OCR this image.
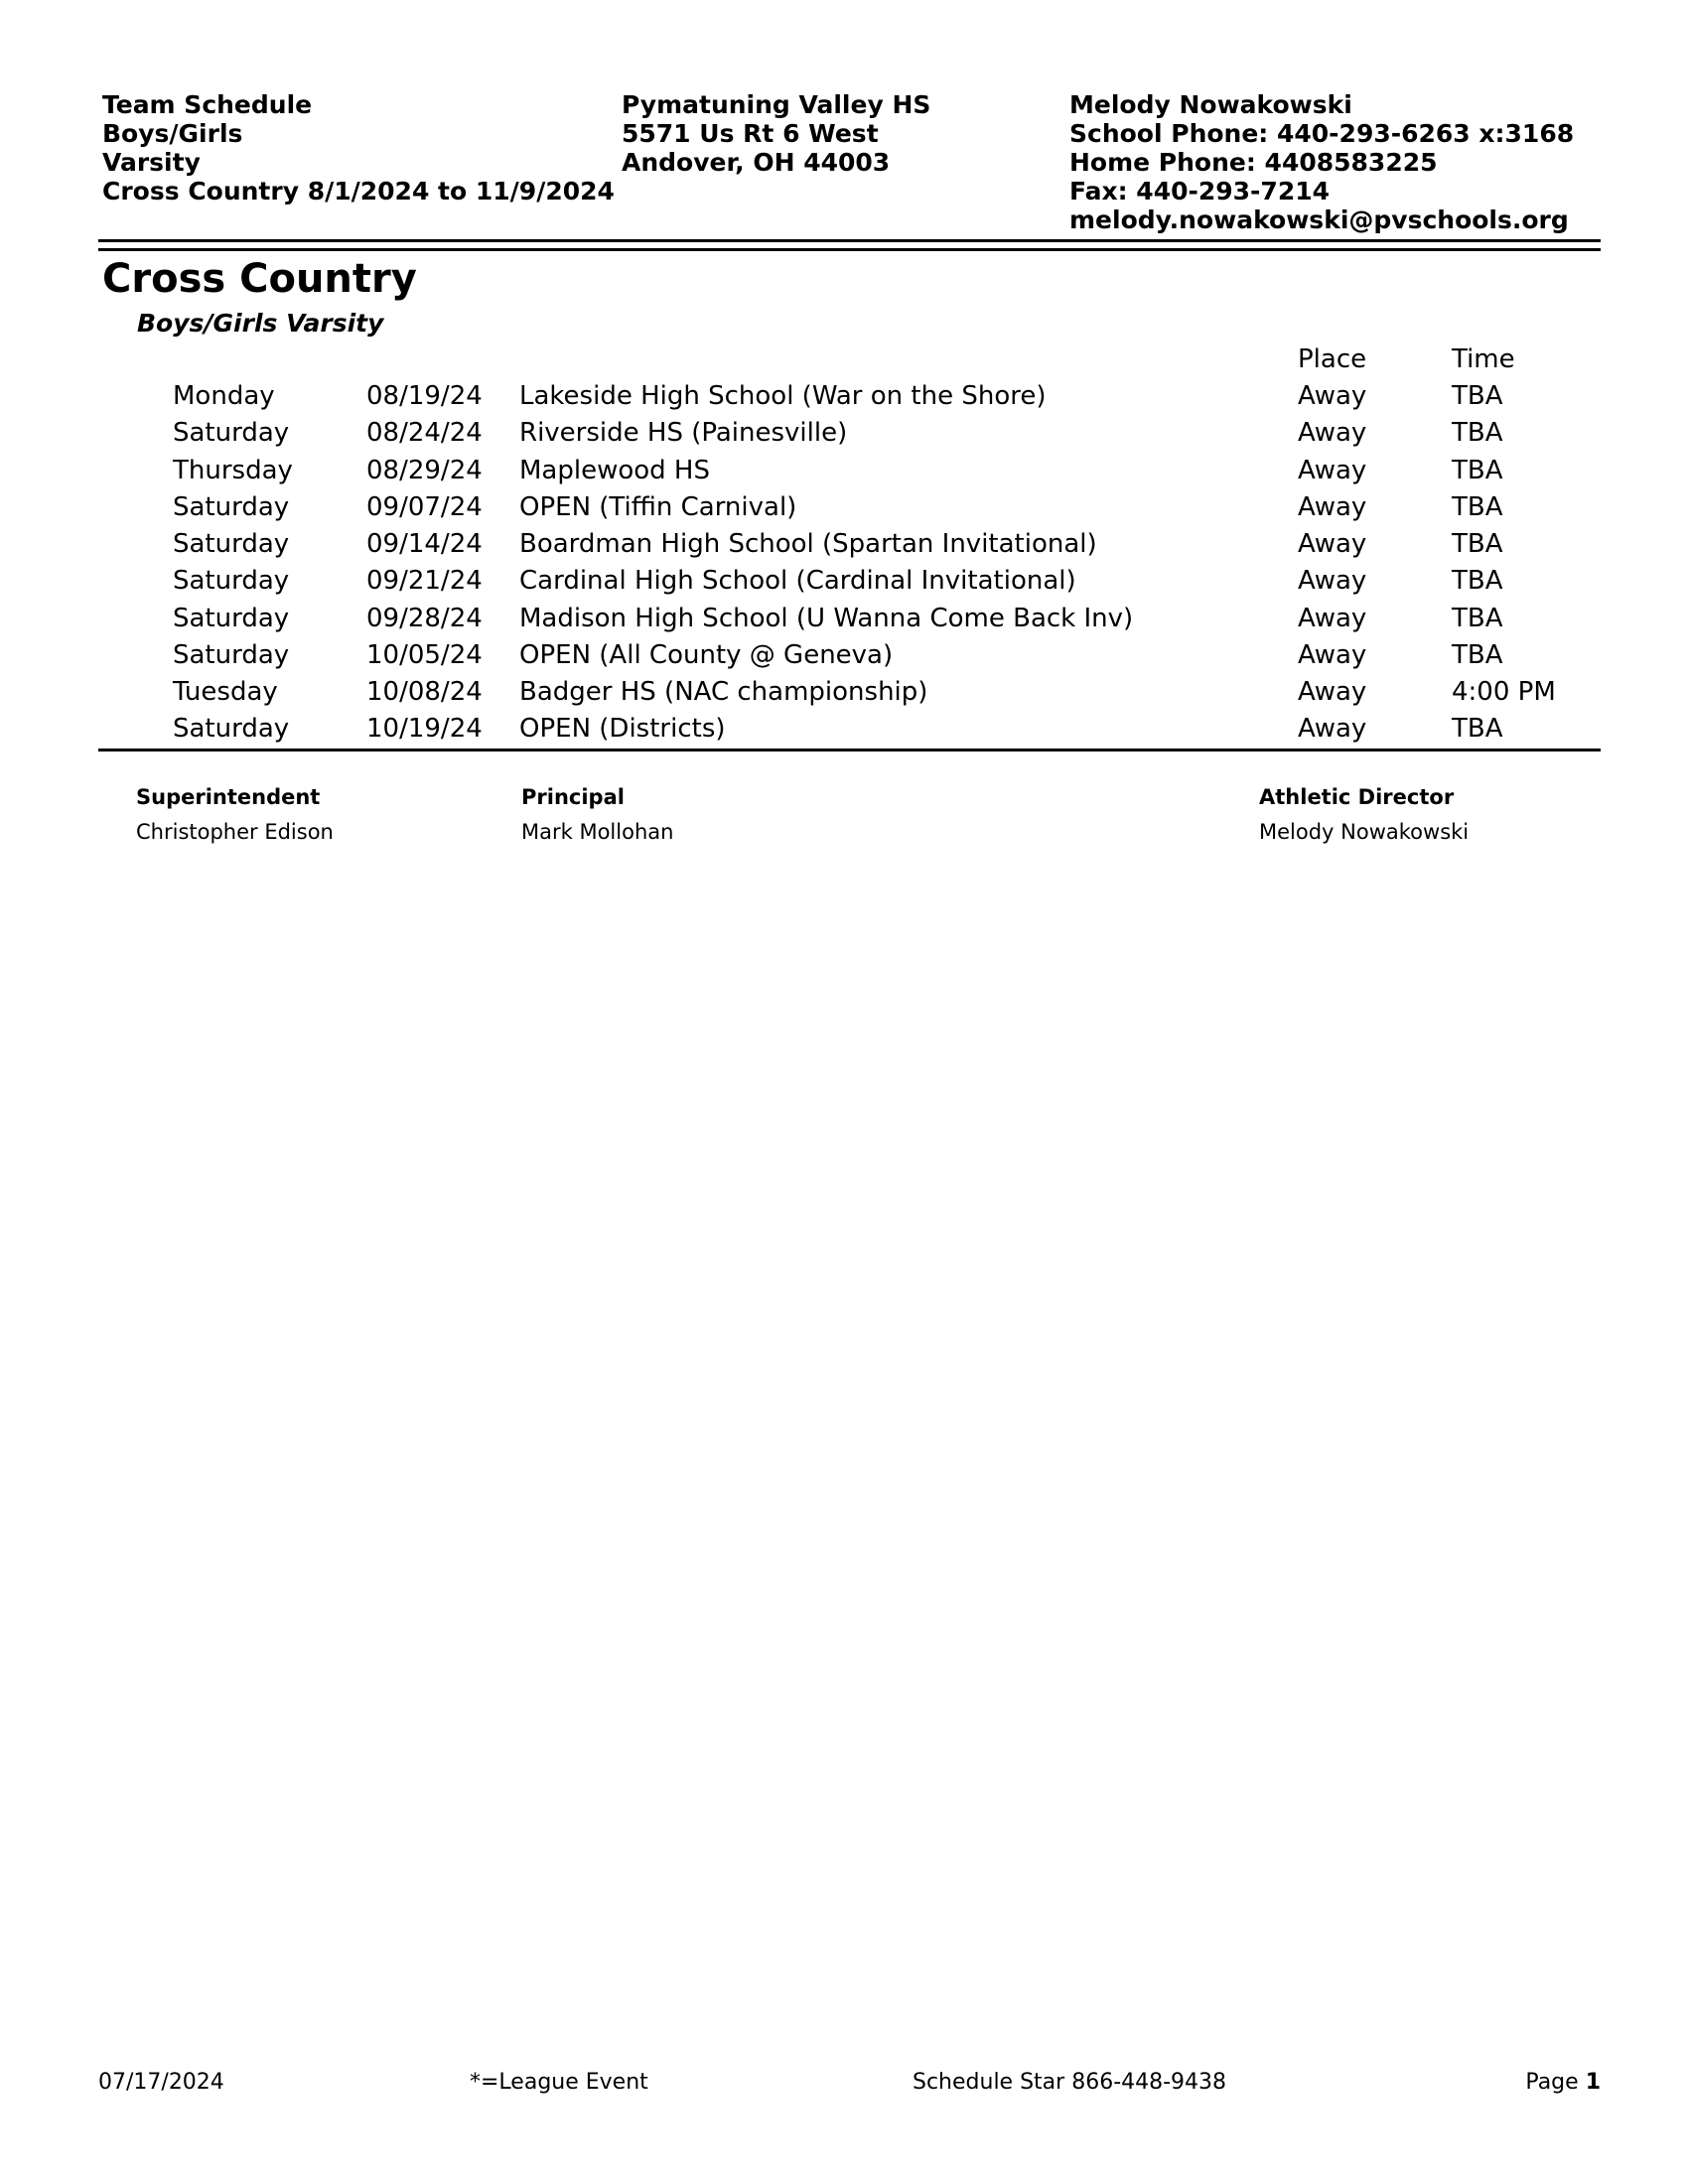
Team Schedule
Boys/Girls
Varsity
Cross Country 8/1/2024 to 11/9/2024
Pymatuning Valley HS
5571 Us Rt 6 West
Andover, OH 44003
Melody Nowakowski
School Phone: 440-293-6263 x:3168
Home Phone: 4408583225
Fax: 440-293-7214
melody.nowakowski@pvschools.org
Cross Country
Boys/Girls Varsity
Place	Time
Monday	08/19/24 Lakeside High School (War on the Shore)	Away	TBA
Saturday	08/24/24 Riverside HS (Painesville)	Away	TBA
Thursday	08/29/24 Maplewood HS	Away	TBA
Saturday	09/07/24 OPEN (Tiffin Carnival)	Away	TBA
Saturday	09/14/24 Boardman High School (Spartan Invitational)	Away	TBA
Saturday	09/21/24 Cardinal High School (Cardinal Invitational)	Away	TBA
Saturday	09/28/24 Madison High School (U Wanna Come Back Inv)	Away	TBA
Saturday	10/05/24 OPEN (All County @ Geneva)	Away	TBA
Tuesday	10/08/24 Badger HS (NAC championship)	Away	4:00 PM
Saturday	10/19/24 OPEN (Districts)	Away	TBA
Superintendent
Christopher Edison
Principal
Mark Mollohan
Athletic Director
Melody Nowakowski
07/17/2024	*=League Event	Schedule Star 866-448-9438	Page 1
